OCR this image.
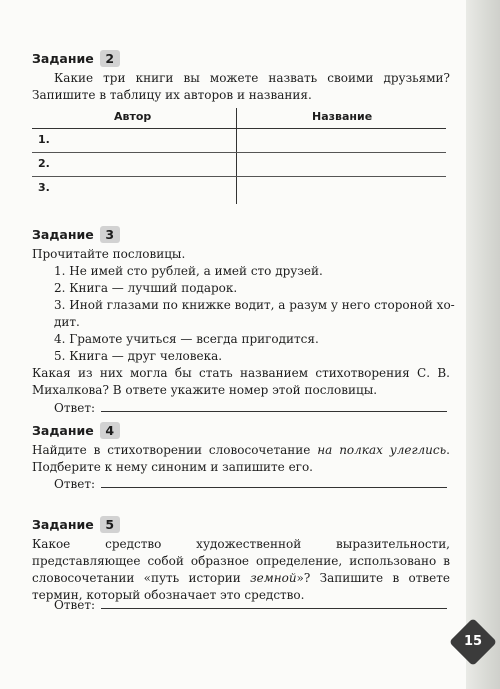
Задание 2
Какие три книги вы можете назвать своими друзьями? Запишите в таблицу их авторов и названия.
Автор	Название
1.
2.
3.
Задание 3
Прочитайте пословицы.
1. Не имей сто рублей, а имей сто друзей.
2. Книга — лучший подарок.
3. Иной глазами по книжке водит, а разум у него стороной хо-
дит.
4. Грамоте учиться — всегда пригодится.
5. Книга — друг человека.
Какая из них могла бы стать названием стихотворения С. В. Михалкова? В ответе укажите номер этой пословицы.
Ответ:
Задание 4
Найдите в стихотворении словосочетание на полках улеглись. Подберите к нему синоним и запишите его.
Ответ:
Задание 5
Какое средство художественной выразительности, представляющее собой образное определение, использовано в словосочетании «путь истории земной»? Запишите в ответе термин, который обозначает это средство.
Ответ:
15
